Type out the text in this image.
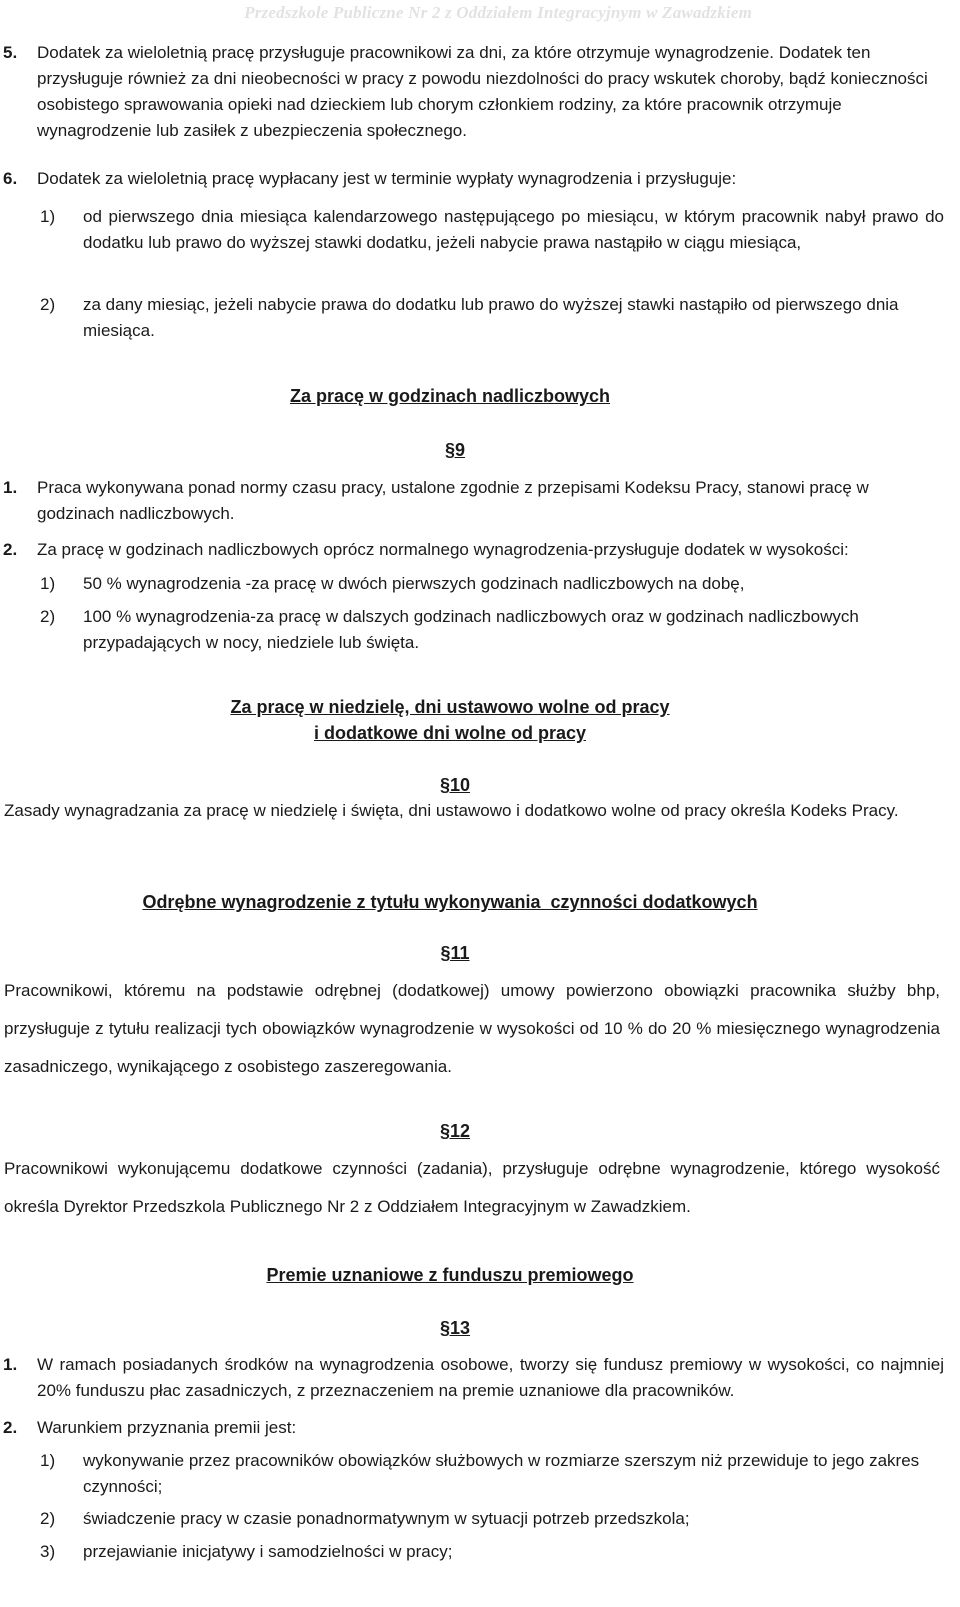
Przedszkole Publiczne Nr 2 z Oddziałem Integracyjnym w Zawadzkiem
5. Dodatek za wieloletnią pracę przysługuje pracownikowi za dni, za które otrzymuje wynagrodzenie. Dodatek ten przysługuje również za dni nieobecności w pracy z powodu niezdolności do pracy wskutek choroby, bądź konieczności osobistego sprawowania opieki nad dzieckiem lub chorym członkiem rodziny, za które pracownik otrzymuje wynagrodzenie lub zasiłek z ubezpieczenia społecznego.
6. Dodatek za wieloletnią pracę wypłacany jest w terminie wypłaty wynagrodzenia i przysługuje:
1) od pierwszego dnia miesiąca kalendarzowego następującego po miesiącu, w którym pracownik nabył prawo do dodatku lub prawo do wyższej stawki dodatku, jeżeli nabycie prawa nastąpiło w ciągu miesiąca,
2) za dany miesiąc, jeżeli nabycie prawa do dodatku lub prawo do wyższej stawki nastąpiło od pierwszego dnia miesiąca.
Za pracę w godzinach nadliczbowych
§9
1. Praca wykonywana ponad normy czasu pracy, ustalone zgodnie z przepisami Kodeksu Pracy, stanowi pracę w godzinach nadliczbowych.
2. Za pracę w godzinach nadliczbowych oprócz normalnego wynagrodzenia-przysługuje dodatek w wysokości:
1) 50 % wynagrodzenia -za pracę w dwóch pierwszych godzinach nadliczbowych na dobę,
2) 100 % wynagrodzenia-za pracę w dalszych godzinach nadliczbowych oraz w godzinach nadliczbowych przypadających w nocy, niedziele lub święta.
Za pracę w niedzielę, dni ustawowo wolne od pracy
i dodatkowe dni wolne od pracy
§10

Zasady wynagradzania za pracę w niedzielę i święta, dni ustawowo i dodatkowo wolne od pracy określa Kodeks Pracy.

Odrębne wynagrodzenie z tytułu wykonywania  czynności dodatkowych
§11

Pracownikowi, któremu na podstawie odrębnej (dodatkowej) umowy powierzono obowiązki pracownika służby bhp, przysługuje z tytułu realizacji tych obowiązków wynagrodzenie w wysokości od 10 % do 20 % miesięcznego wynagrodzenia zasadniczego, wynikającego z osobistego zaszeregowania.

§12

Pracownikowi wykonującemu dodatkowe czynności (zadania), przysługuje odrębne wynagrodzenie, którego wysokość określa Dyrektor Przedszkola Publicznego Nr 2 z Oddziałem Integracyjnym w Zawadzkiem.

Premie uznaniowe z funduszu premiowego
§13
1. W ramach posiadanych środków na wynagrodzenia osobowe, tworzy się fundusz premiowy w wysokości, co najmniej 20% funduszu płac zasadniczych, z przeznaczeniem na premie uznaniowe dla pracowników.
2. Warunkiem przyznania premii jest:
1) wykonywanie przez pracowników obowiązków służbowych w rozmiarze szerszym niż przewiduje to jego zakres czynności;
2) świadczenie pracy w czasie ponadnormatywnym w sytuacji potrzeb przedszkola;
3) przejawianie inicjatywy i samodzielności w pracy;
